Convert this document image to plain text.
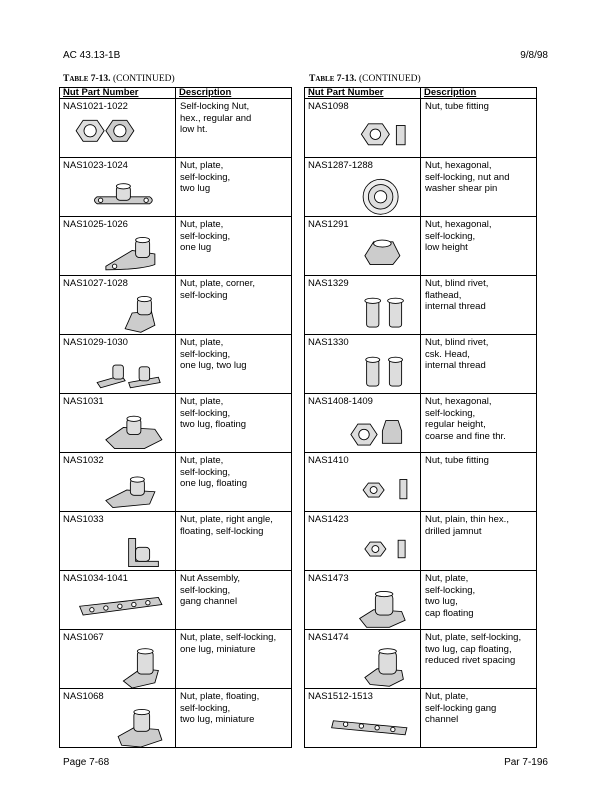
AC 43.13-1B	9/8/98
Table 7-13. (CONTINUED)	Table 7-13. (CONTINUED)
Nut Part Number	Description

NAS1021-1022	Self-locking Nut,
hex., regular and
low ht.

NAS1023-1024	Nut, plate,
self-locking,
two lug

NAS1025-1026	Nut, plate,
self-locking,
one lug

NAS1027-1028	Nut, plate, corner,
self-locking

NAS1029-1030	Nut, plate,
self-locking,
one lug, two lug

NAS1031	Nut, plate,
self-locking,
two lug, floating

NAS1032	Nut, plate,
self-locking,
one lug, floating

NAS1033	Nut, plate, right angle,
floating, self-locking

NAS1034-1041	Nut Assembly,
self-locking,
gang channel

NAS1067	Nut, plate, self-locking,
one lug, miniature

NAS1068	Nut, plate, floating,
self-locking,
two lug, miniature
Nut Part Number	Description

NAS1098	Nut, tube fitting

NAS1287-1288	Nut, hexagonal,
self-locking, nut and
washer shear pin

NAS1291	Nut, hexagonal,
self-locking,
low height

NAS1329	Nut, blind rivet,
flathead,
internal thread

NAS1330	Nut, blind rivet,
csk. Head,
internal thread

NAS1408-1409	Nut, hexagonal,
self-locking,
regular height,
coarse and fine thr.

NAS1410	Nut, tube fitting

NAS1423	Nut, plain, thin hex.,
drilled jamnut

NAS1473	Nut, plate,
self-locking,
two lug,
cap floating

NAS1474	Nut, plate, self-locking,
two lug, cap floating,
reduced rivet spacing

NAS1512-1513	Nut, plate,
self-locking gang
channel
Page 7-68	Par 7-196
